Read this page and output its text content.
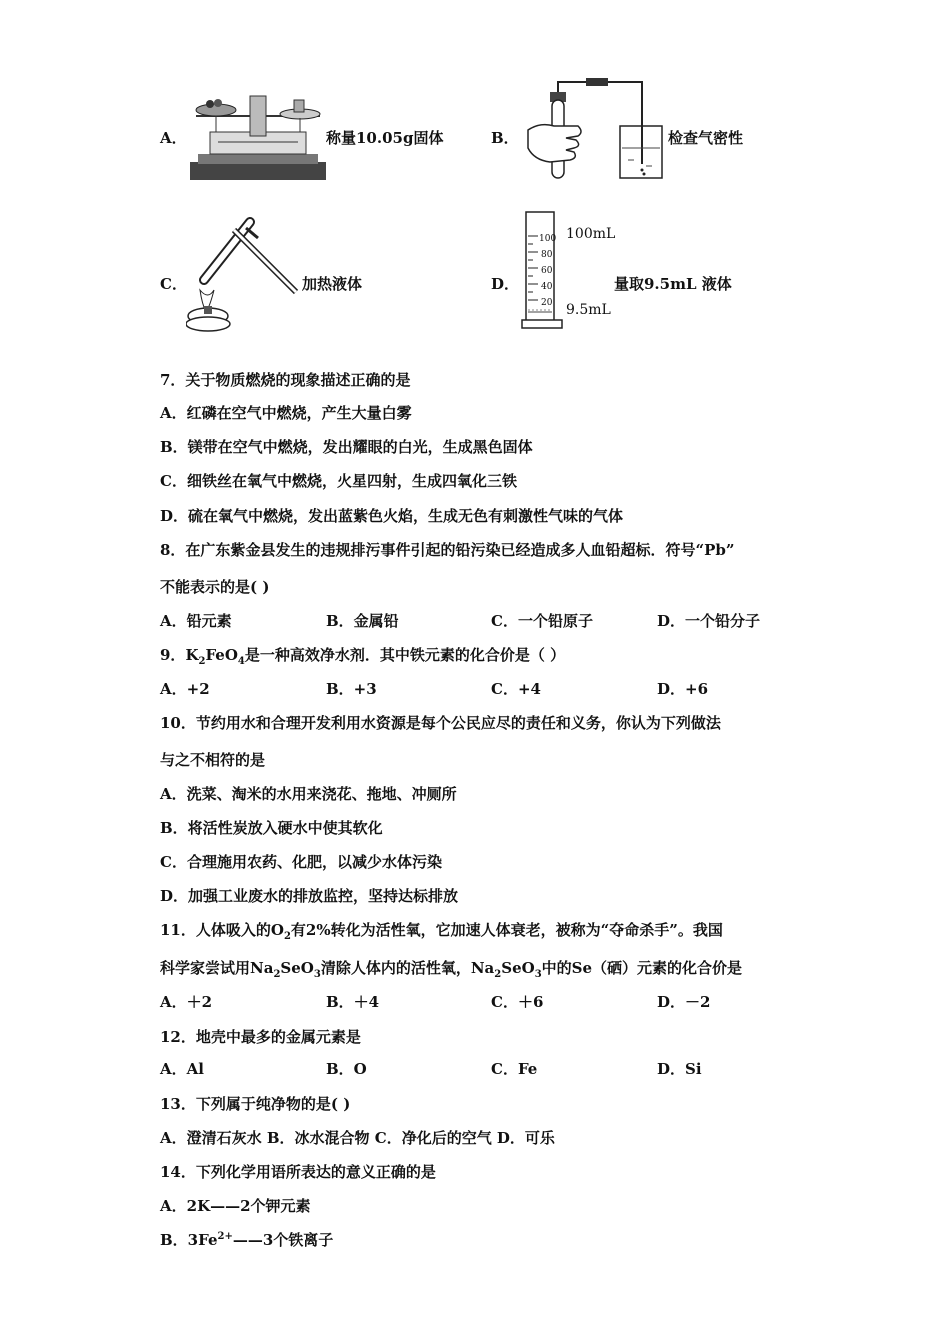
A．	称量10.05g固体	B．	检查气密性
C．	加热液体	D．
100
80
60
40
20
100mL
9.5mL
量取9.5mL 液体
7．关于物质燃烧的现象描述正确的是
A．红磷在空气中燃烧，产生大量白雾
B．镁带在空气中燃烧，发出耀眼的白光，生成黑色固体
C．细铁丝在氧气中燃烧，火星四射，生成四氧化三铁
D．硫在氧气中燃烧，发出蓝紫色火焰，生成无色有刺激性气味的气体
8．在广东紫金县发生的违规排污事件引起的铅污染已经造成多人血铅超标．符号“Pb”
不能表示的是( )
A．铅元素	B．金属铅	C．一个铅原子	D．一个铅分子
9．$K_2FeO_4$是一种高效净水剂．其中铁元素的化合价是（ ）
A．+2	B．+3	C．+4	D．+6
10．节约用水和合理开发利用水资源是每个公民应尽的责任和义务，你认为下列做法
与之不相符的是
A．洗菜、淘米的水用来浇花、拖地、冲厕所
B．将活性炭放入硬水中使其软化
C．合理施用农药、化肥，以减少水体污染
D．加强工业废水的排放监控，坚持达标排放
11．人体吸入的$O_2$有2%转化为活性氧，它加速人体衰老，被称为“夺命杀手”。我国
科学家尝试用$Na_2SeO_3$清除人体内的活性氧，$Na_2SeO_3$中的Se（硒）元素的化合价是
A．＋2	B．＋4	C．＋6	D．－2
12．地壳中最多的金属元素是
A．Al	B．O	C．Fe	D．Si
13．下列属于纯净物的是( )
A．澄清石灰水 B．冰水混合物 C．净化后的空气 D．可乐
14．下列化学用语所表达的意义正确的是
A．2K——2个钾元素
B．$3Fe^{2+}——3$个铁离子
